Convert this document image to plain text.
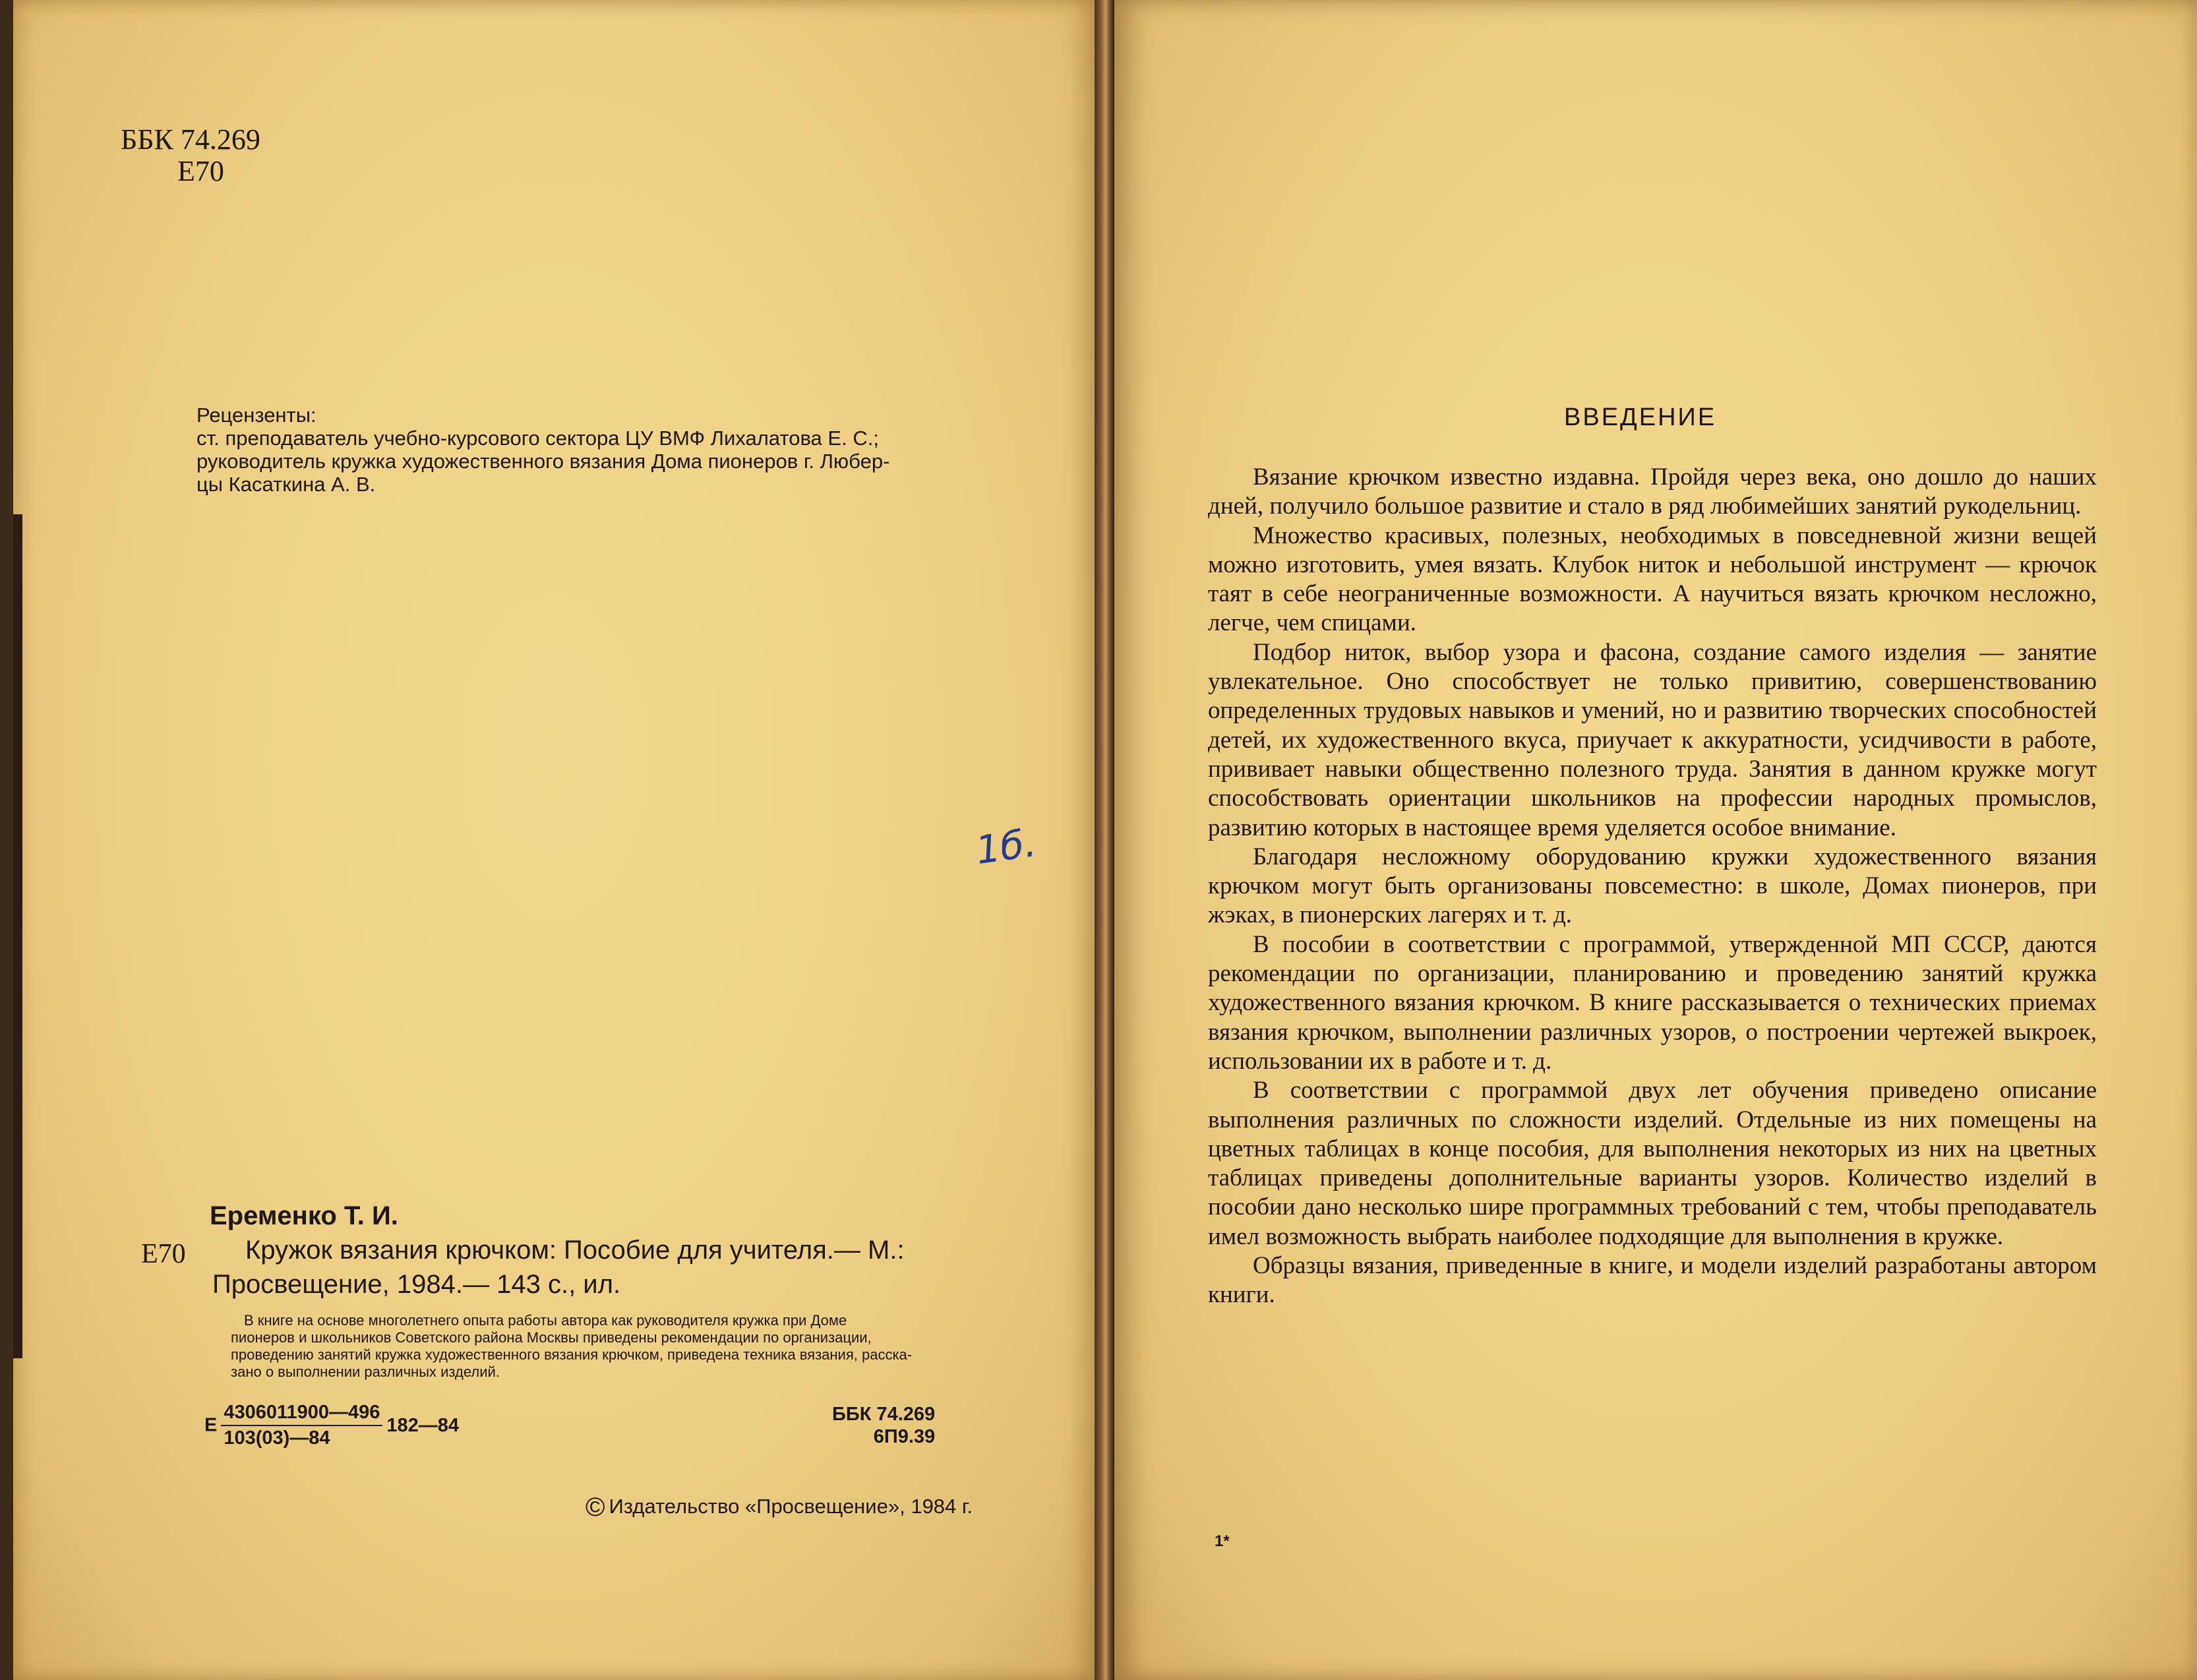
ББК 74.269
Е70
Рецензенты:
ст. преподаватель учебно-курсового сектора ЦУ ВМФ Лихалатова Е. С.;
руководитель кружка художественного вязания Дома пионеров г. Любер-
цы Касаткина А. В.
1б.
Еременко Т. И.
Е70	Кружок вязания крючком: Пособие для учителя.— М.:
Просвещение, 1984.— 143 с., ил.
В книге на основе многолетнего опыта работы автора как руководителя кружка при Доме
пионеров и школьников Советского района Москвы приведены рекомендации по организации,
проведению занятий кружка художественного вязания крючком, приведена техника вязания, расска-
зано о выполнении различных изделий.
Е $\frac{4306011900—496}{103(03)—84}$ 182—84
ББК 74.269
6П9.39
© Издательство «Просвещение», 1984 г.
ВВЕДЕНИЕ

Вязание крючком известно издавна. Пройдя через века, оно дошло до наших дней, получило большое развитие и стало в ряд любимейших занятий рукодельниц.

Множество красивых, полезных, необходимых в повседневной жизни вещей можно изготовить, умея вязать. Клубок ниток и небольшой инструмент — крючок таят в себе неограниченные возможности. А научиться вязать крючком несложно, легче, чем спицами.

Подбор ниток, выбор узора и фасона, создание самого изделия — занятие увлекательное. Оно способствует не только привитию, совершенствованию определенных трудовых навыков и умений, но и развитию творческих способностей детей, их художественного вкуса, приучает к аккуратности, усидчивости в работе, прививает навыки общественно полезного труда. Занятия в данном кружке могут способствовать ориентации школьников на профессии народных промыслов, развитию которых в настоящее время уделяется особое внимание.

Благодаря несложному оборудованию кружки художественного вязания крючком могут быть организованы повсеместно: в школе, Домах пионеров, при жэках, в пионерских лагерях и т. д.

В пособии в соответствии с программой, утвержденной МП СССР, даются рекомендации по организации, планированию и проведению занятий кружка художественного вязания крючком. В книге рассказывается о технических приемах вязания крючком, выполнении различных узоров, о построении чертежей выкроек, использовании их в работе и т. д.

В соответствии с программой двух лет обучения приведено описание выполнения различных по сложности изделий. Отдельные из них помещены на цветных таблицах в конце пособия, для выполнения некоторых из них на цветных таблицах приведены дополнительные варианты узоров. Количество изделий в пособии дано несколько шире программных требований с тем, чтобы преподаватель имел возможность выбрать наиболее подходящие для выполнения в кружке.

Образцы вязания, приведенные в книге, и модели изделий разработаны автором книги.

1*
